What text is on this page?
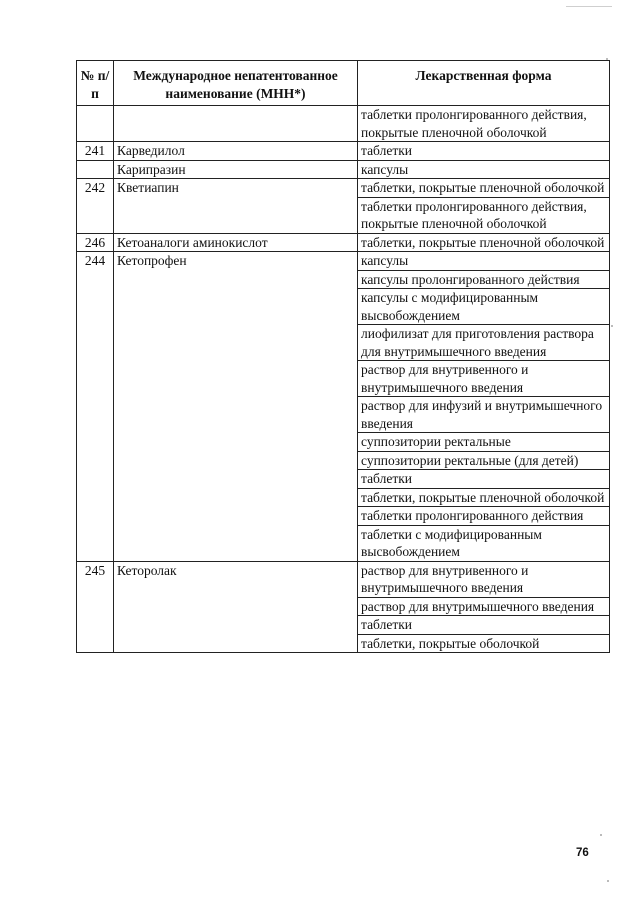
№ п/п	Международное непатентованное наименование (МНН*)	Лекарственная форма
		таблетки пролонгированного действия, покрытые пленочной оболочкой
241	Карведилол	таблетки
	Карипразин	капсулы
242	Кветиапин	таблетки, покрытые пленочной оболочкой
		таблетки пролонгированного действия, покрытые пленочной оболочкой
246	Кетоаналоги аминокислот	таблетки, покрытые пленочной оболочкой
244	Кетопрофен	капсулы
		капсулы пролонгированного действия
		капсулы с модифицированным высвобождением
		лиофилизат для приготовления раствора для внутримышечного введения
		раствор для внутривенного и внутримышечного введения
		раствор для инфузий и внутримышечного введения
		суппозитории ректальные
		суппозитории ректальные (для детей)
		таблетки
		таблетки, покрытые пленочной оболочкой
		таблетки пролонгированного действия
		таблетки с модифицированным высвобождением
245	Кеторолак	раствор для внутривенного и внутримышечного введения
		раствор для внутримышечного введения
		таблетки
		таблетки, покрытые оболочкой
76
